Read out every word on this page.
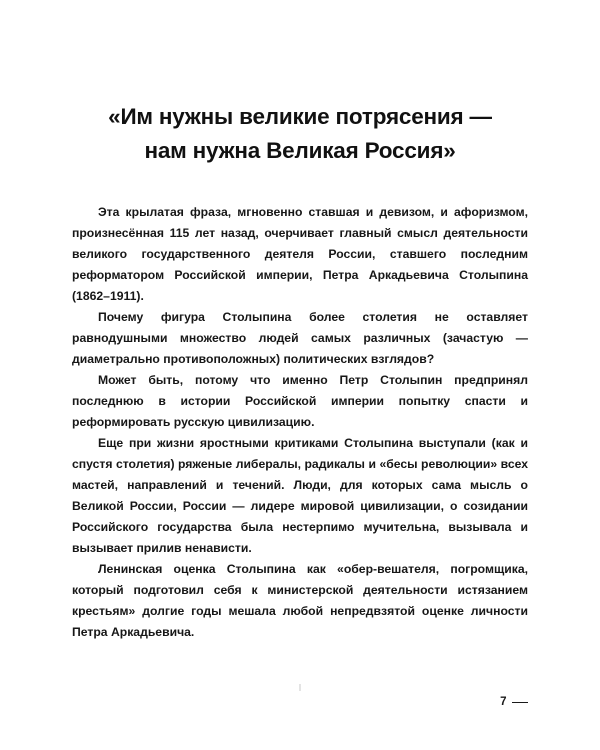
«Им нужны великие потрясения —
нам нужна Великая Россия»

Эта крылатая фраза, мгновенно ставшая и девизом, и афоризмом, произнесённая 115 лет назад, очерчивает главный смысл деятельности великого государственного деятеля России, ставшего последним реформатором Российской империи, Петра Аркадьевича Столыпина (1862–1911).

Почему фигура Столыпина более столетия не оставляет равнодушными множество людей самых различных (зачастую — диаметрально противоположных) политических взглядов?

Может быть, потому что именно Петр Столыпин предпринял последнюю в истории Российской империи попытку спасти и реформировать русскую цивилизацию.

Еще при жизни яростными критиками Столыпина выступали (как и спустя столетия) ряженые либералы, радикалы и «бесы революции» всех мастей, направлений и течений. Люди, для которых сама мысль о Великой России, России — лидере мировой цивилизации, о созидании Российского государства была нестерпимо мучительна, вызывала и вызывает прилив ненависти.

Ленинская оценка Столыпина как «обер-вешателя, погромщика, который подготовил себя к министерской деятельности истязанием крестьям» долгие годы мешала любой непредвзятой оценке личности Петра Аркадьевича.

7
